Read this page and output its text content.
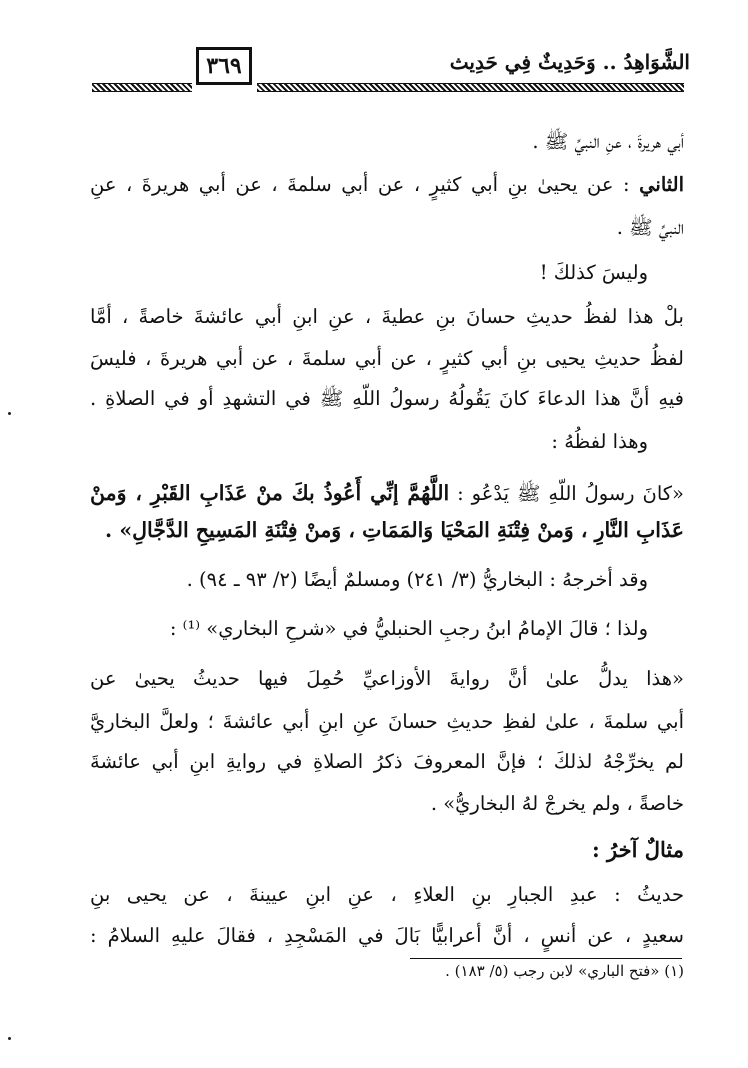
الشَّوَاهِدُ .. وَحَدِيثٌ فِي حَدِيث
٣٦٩
أبي هريرةَ ، عنِ النبيِّ ﷺ .
الثاني : عن يحيىٰ بنِ أبي كثيرٍ ، عن أبي سلمةَ ، عن أبي هريرةَ ، عنِ
النبيِّ ﷺ .
وليسَ كذلكَ !
بلْ هذا لفظُ حديثِ حسانَ بنِ عطيةَ ، عنِ ابنِ أبي عائشةَ خاصةً ، أمَّا
لفظُ حديثِ يحيى بنِ أبي كثيرٍ ، عن أبي سلمةَ ، عن أبي هريرةَ ، فليسَ
فيهِ أنَّ هذا الدعاءَ كانَ يَقُولُهُ رسولُ اللّهِ ﷺ في التشهدِ أو في الصلاةِ .
وهذا لفظُهُ :
«كانَ رسولُ اللّهِ ﷺ يَدْعُو : اللَّهُمَّ إنِّي أَعُوذُ بكَ منْ عَذَابِ القَبْرِ ، وَمنْ
عَذَابِ النَّارِ ، وَمنْ فِتْنَةِ المَحْيَا وَالمَمَاتِ ، وَمنْ فِتْنَةِ المَسِيحِ الدَّجَّالِ» .
وقد أخرجهُ : البخاريُّ (٣/ ٢٤١) ومسلمٌ أيضًا (٢/ ٩٣ ـ ٩٤) .
ولذا ؛ قالَ الإمامُ ابنُ رجبِ الحنبليُّ في «شرحِ البخاري» ⁽¹⁾ :
«هذا يدلُّ علىٰ أنَّ روايةَ الأوزاعيِّ حُمِلَ فيها حديثُ يحيىٰ عن
أبي سلمةَ ، علىٰ لفظِ حديثِ حسانَ عنِ ابنِ أبي عائشةَ ؛ ولعلَّ البخاريَّ
لم يخرِّجْهُ لذلكَ ؛ فإنَّ المعروفَ ذكرُ الصلاةِ في روايةِ ابنِ أبي عائشةَ
خاصةً ، ولم يخرجْ لهُ البخاريُّ» .
مثالٌ آخرُ :
حديثُ : عبدِ الجبارِ بنِ العلاءِ ، عنِ ابنِ عيينةَ ، عن يحيى بنِ
سعيدٍ ، عن أنسٍ ، أنَّ أعرابيًّا بَالَ في المَسْجِدِ ، فقالَ عليهِ السلامُ :
(١) «فتح الباري» لابن رجب (٥/ ١٨٣) .
